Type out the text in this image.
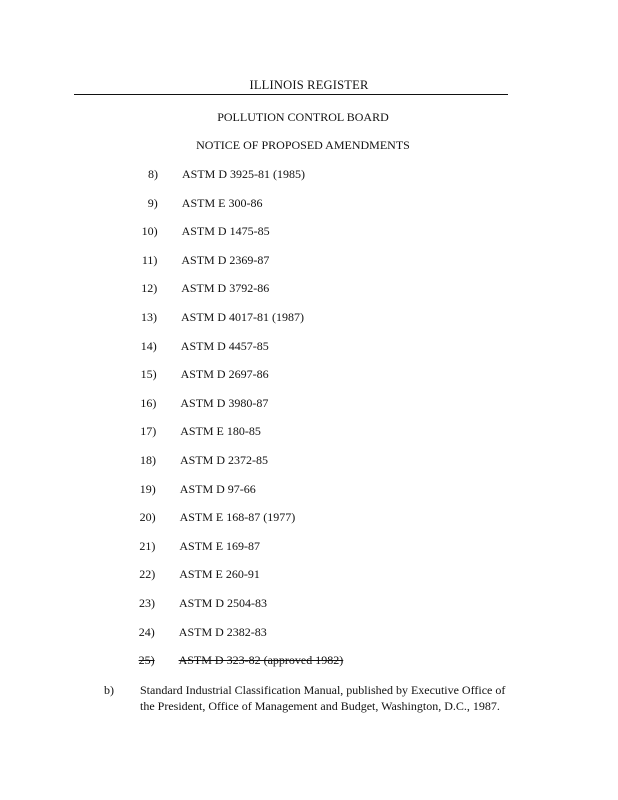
ILLINOIS REGISTER
POLLUTION CONTROL BOARD
NOTICE OF PROPOSED AMENDMENTS
8) ASTM D 3925-81 (1985)
9) ASTM E 300-86
10) ASTM D 1475-85
11) ASTM D 2369-87
12) ASTM D 3792-86
13) ASTM D 4017-81 (1987)
14) ASTM D 4457-85
15) ASTM D 2697-86
16) ASTM D 3980-87
17) ASTM E 180-85
18) ASTM D 2372-85
19) ASTM D 97-66
20) ASTM E 168-87 (1977)
21) ASTM E 169-87
22) ASTM E 260-91
23) ASTM D 2504-83
24) ASTM D 2382-83
25) ASTM D 323-82 (approved 1982)
b) Standard Industrial Classification Manual, published by Executive Office of the President, Office of Management and Budget, Washington, D.C., 1987.
